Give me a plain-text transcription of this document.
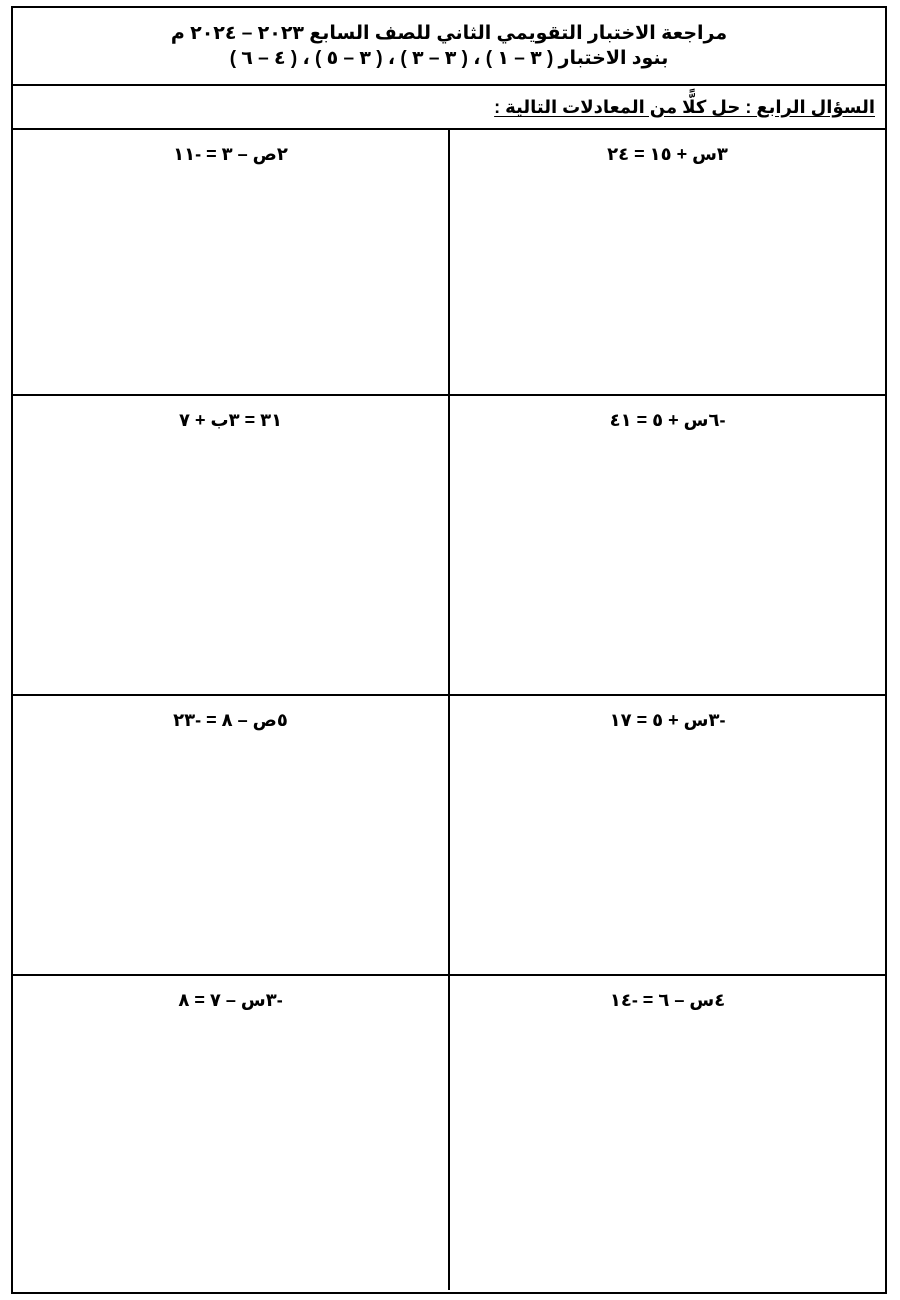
مراجعة الاختبار التقويمي الثاني للصف السابع ٢٠٢٣ – ٢٠٢٤ م
بنود الاختبار ( ٣ – ١ ) ، ( ٣ – ٣ ) ، ( ٣ – ٥ ) ، ( ٤ – ٦ )
السؤال الرابع : حل كلًّا من المعادلات التالية :
٢ص – ٣ = -١١	٣س + ١٥ = ٢٤
٣١ = ٣ب + ٧	-٦س + ٥ = ٤١
٥ص – ٨ = -٢٣	-٣س + ٥ = ١٧
-٣س – ٧ = ٨	٤س – ٦ = -١٤
